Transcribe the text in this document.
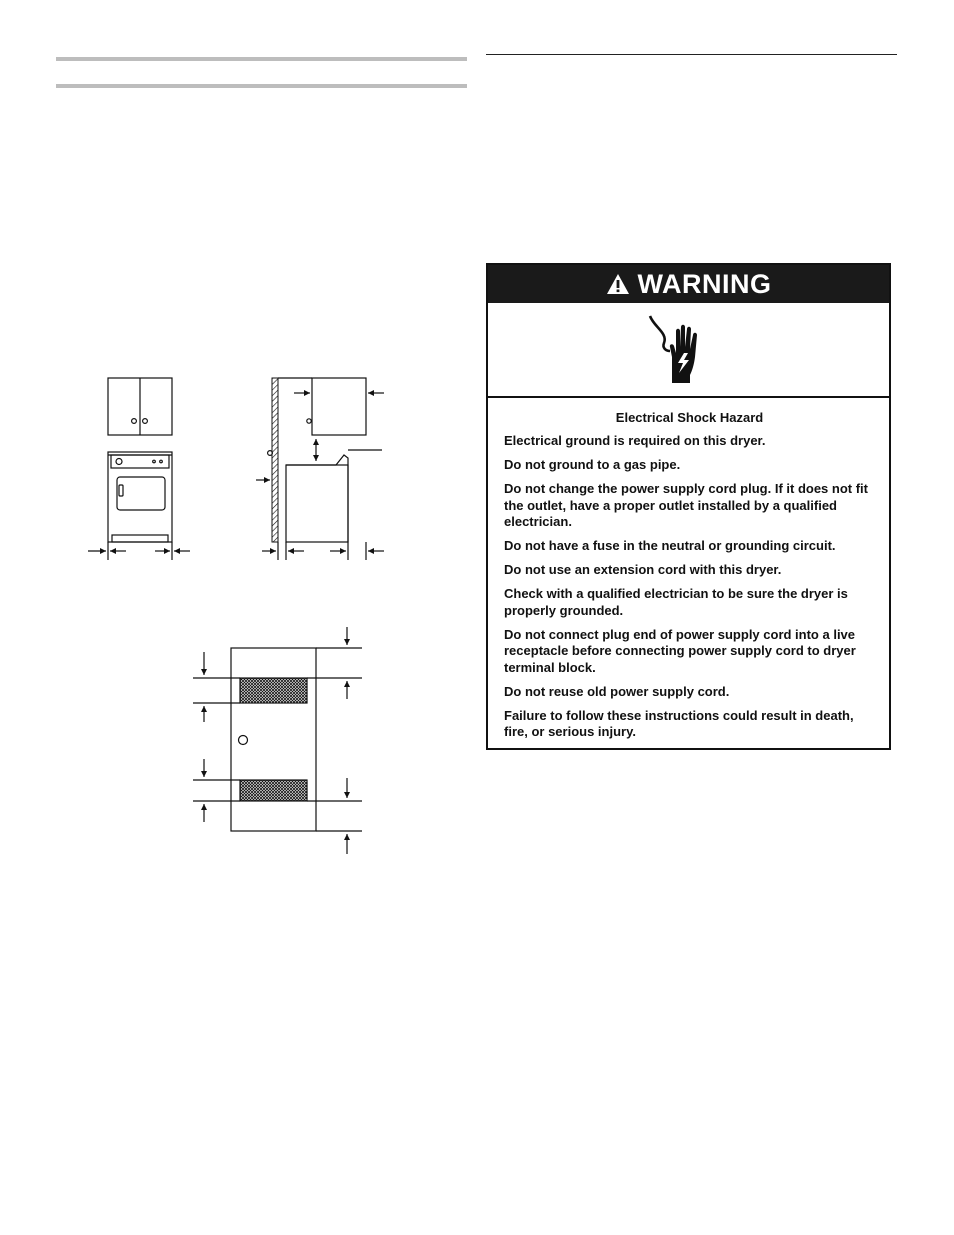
WARNING

Electrical Shock Hazard

Electrical ground is required on this dryer.

Do not ground to a gas pipe.

Do not change the power supply cord plug. If it does not fit the outlet, have a proper outlet installed by a qualified electrician.

Do not have a fuse in the neutral or grounding circuit.

Do not use an extension cord with this dryer.

Check with a qualified electrician to be sure the dryer is properly grounded.

Do not connect plug end of power supply cord into a live receptacle before connecting power supply cord to dryer terminal block.

Do not reuse old power supply cord.

Failure to follow these instructions could result in death, fire, or serious injury.
